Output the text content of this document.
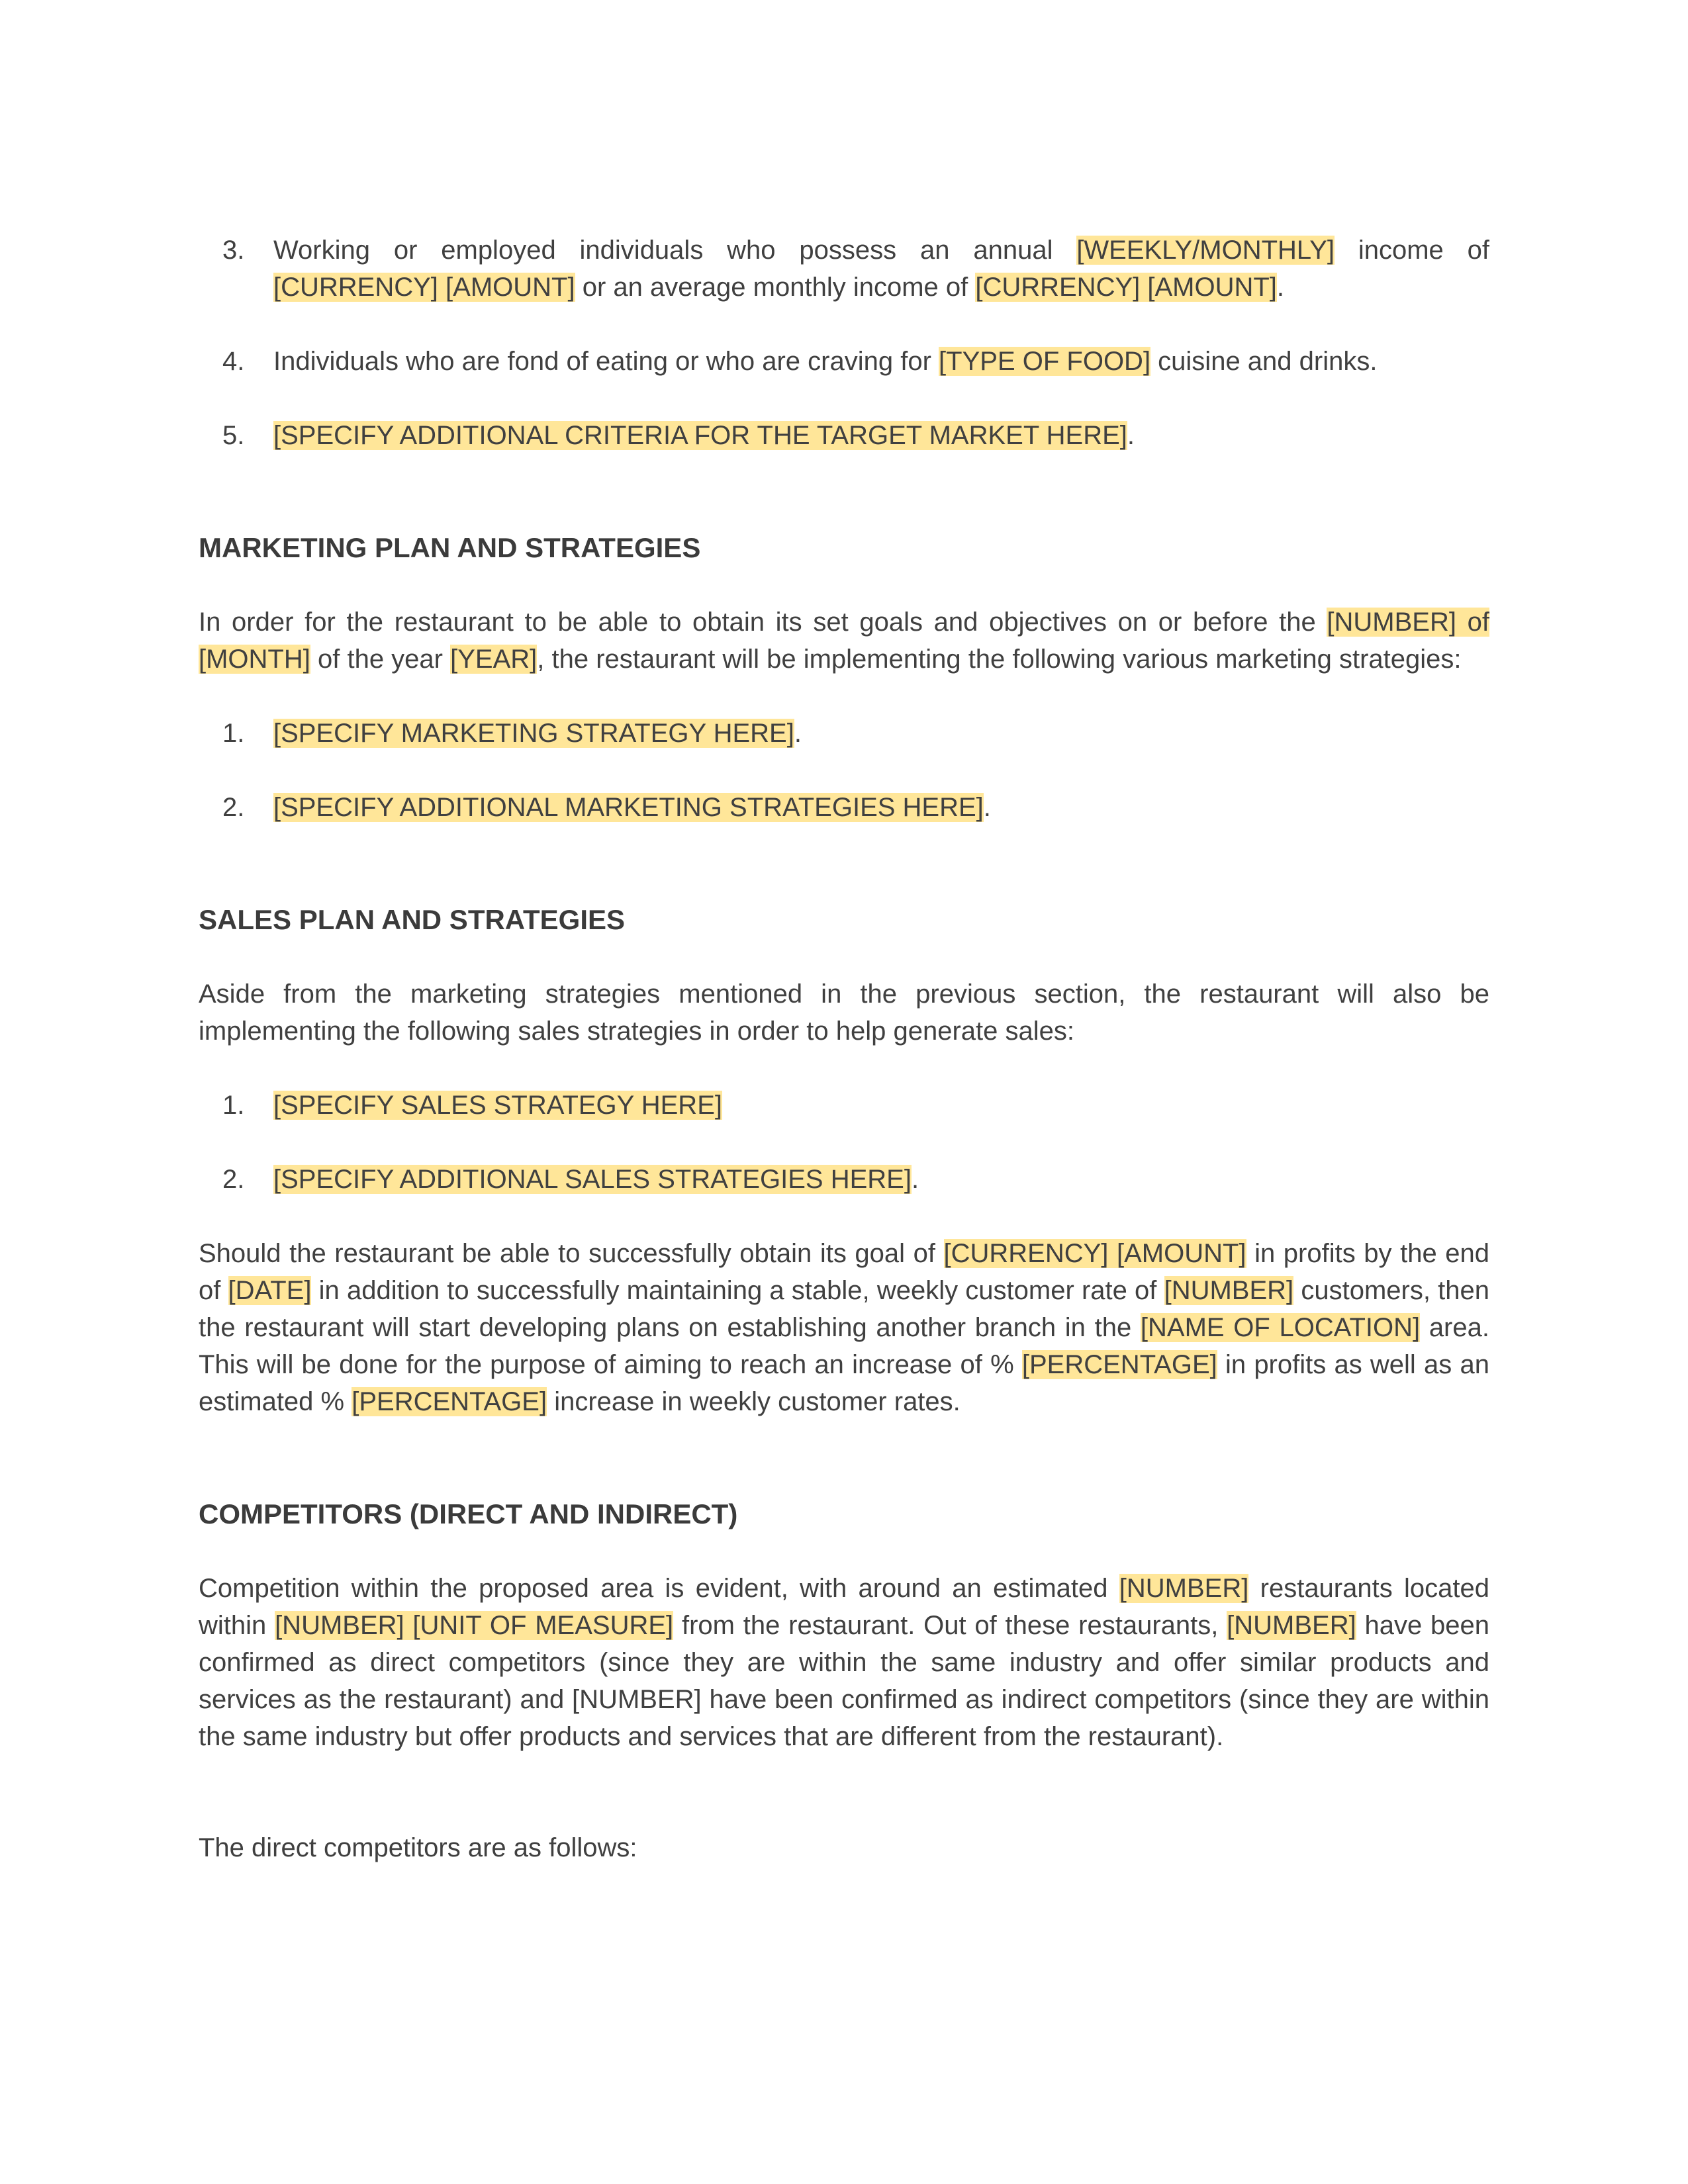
3. Working or employed individuals who possess an annual [WEEKLY/MONTHLY] income of [CURRENCY] [AMOUNT] or an average monthly income of [CURRENCY] [AMOUNT].
4. Individuals who are fond of eating or who are craving for [TYPE OF FOOD] cuisine and drinks.
5. [SPECIFY ADDITIONAL CRITERIA FOR THE TARGET MARKET HERE].
MARKETING PLAN AND STRATEGIES

In order for the restaurant to be able to obtain its set goals and objectives on or before the [NUMBER] of [MONTH] of the year [YEAR], the restaurant will be implementing the following various marketing strategies:

1. [SPECIFY MARKETING STRATEGY HERE].
2. [SPECIFY ADDITIONAL MARKETING STRATEGIES HERE].
SALES PLAN AND STRATEGIES

Aside from the marketing strategies mentioned in the previous section, the restaurant will also be implementing the following sales strategies in order to help generate sales:

1. [SPECIFY SALES STRATEGY HERE]
2. [SPECIFY ADDITIONAL SALES STRATEGIES HERE].

Should the restaurant be able to successfully obtain its goal of [CURRENCY] [AMOUNT] in profits by the end of [DATE] in addition to successfully maintaining a stable, weekly customer rate of [NUMBER] customers, then the restaurant will start developing plans on establishing another branch in the [NAME OF LOCATION] area. This will be done for the purpose of aiming to reach an increase of % [PERCENTAGE] in profits as well as an estimated % [PERCENTAGE] increase in weekly customer rates.

COMPETITORS (DIRECT AND INDIRECT)

Competition within the proposed area is evident, with around an estimated [NUMBER] restaurants located within [NUMBER] [UNIT OF MEASURE] from the restaurant. Out of these restaurants, [NUMBER] have been confirmed as direct competitors (since they are within the same industry and offer similar products and services as the restaurant) and [NUMBER] have been confirmed as indirect competitors (since they are within the same industry but offer products and services that are different from the restaurant).

The direct competitors are as follows:
